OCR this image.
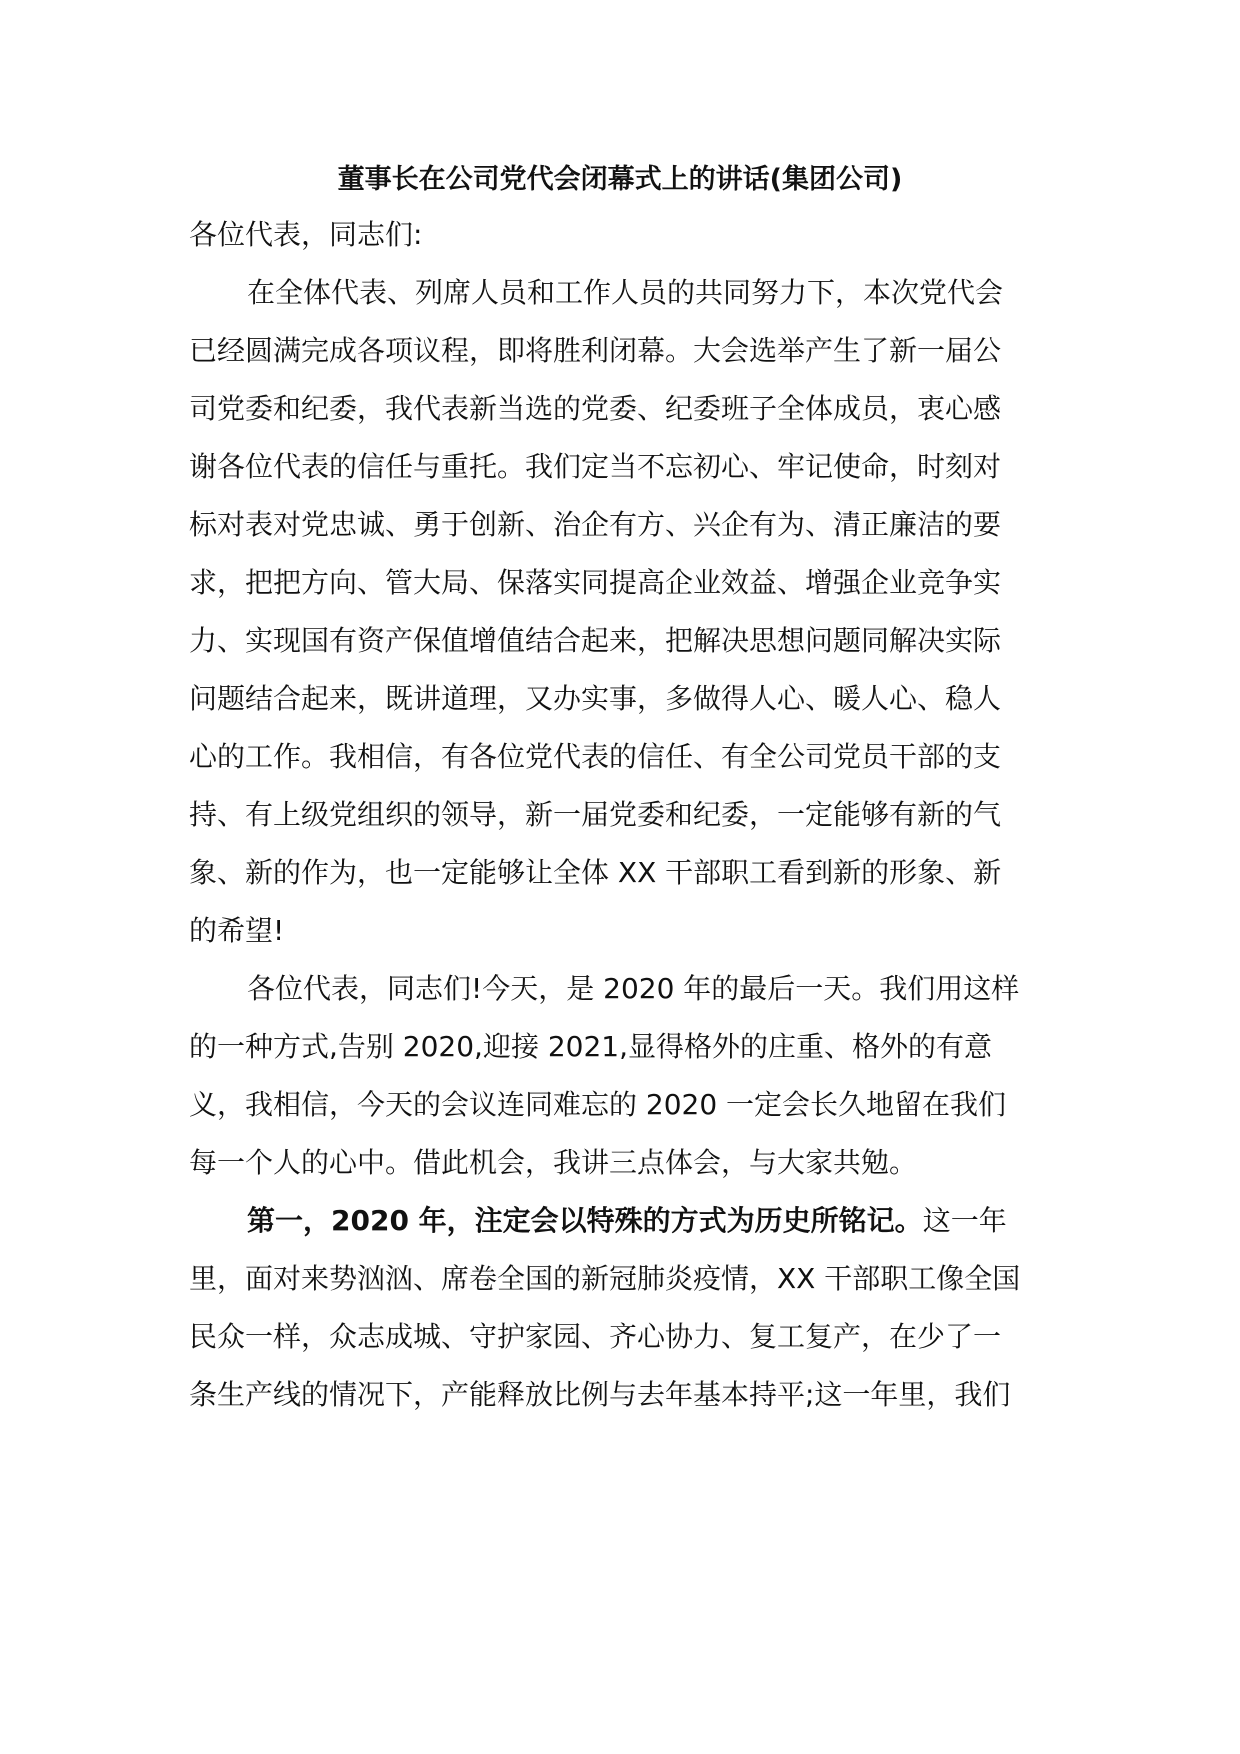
董事长在公司党代会闭幕式上的讲话(集团公司)
各位代表，同志们:
在全体代表、列席人员和工作人员的共同努力下，本次党代会
已经圆满完成各项议程，即将胜利闭幕。大会选举产生了新一届公
司党委和纪委，我代表新当选的党委、纪委班子全体成员，衷心感
谢各位代表的信任与重托。我们定当不忘初心、牢记使命，时刻对
标对表对党忠诚、勇于创新、治企有方、兴企有为、清正廉洁的要
求，把把方向、管大局、保落实同提高企业效益、增强企业竞争实
力、实现国有资产保值增值结合起来，把解决思想问题同解决实际
问题结合起来，既讲道理，又办实事，多做得人心、暖人心、稳人
心的工作。我相信，有各位党代表的信任、有全公司党员干部的支
持、有上级党组织的领导，新一届党委和纪委，一定能够有新的气
象、新的作为，也一定能够让全体 XX 干部职工看到新的形象、新
的希望!
各位代表，同志们!今天，是 2020 年的最后一天。我们用这样
的一种方式,告别 2020,迎接 2021,显得格外的庄重、格外的有意
义，我相信，今天的会议连同难忘的 2020 一定会长久地留在我们
每一个人的心中。借此机会，我讲三点体会，与大家共勉。
第一，2020 年，注定会以特殊的方式为历史所铭记。这一年
里，面对来势汹汹、席卷全国的新冠肺炎疫情，XX 干部职工像全国
民众一样，众志成城、守护家园、齐心协力、复工复产，在少了一
条生产线的情况下，产能释放比例与去年基本持平;这一年里，我们
